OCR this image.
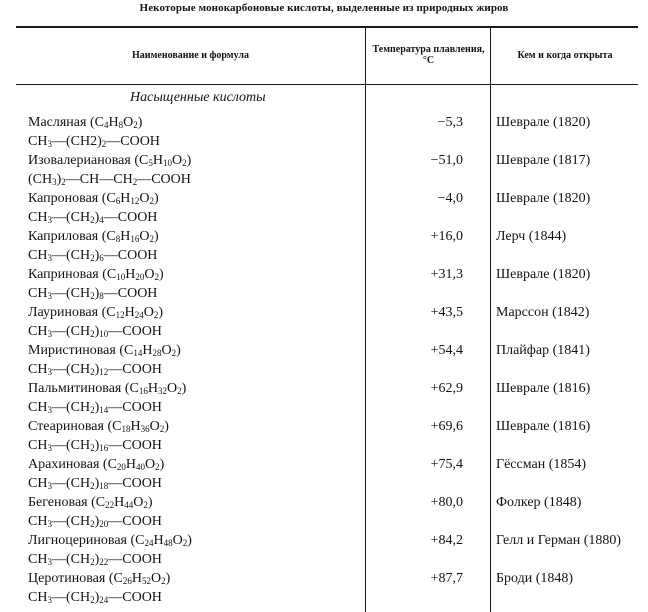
Некоторые монокарбоновые кислоты, выделенные из природных жиров
Наименование и формула	Температура плавления, °С	Кем и когда открыта
Насыщенные кислоты
Масляная $(C_4H_8O_2)$
$CH_3—(CH2)_2—COOH$
−5,3 Шеврале (1820)
Изовалериановая $(C_5H_{10}O_2)$
$(CH_3)_2—CH—CH_2—COOH$
−51,0 Шеврале (1817)
Капроновая $(C_6H_{12}O_2)$
$CH_3—(CH_2)_4—COOH$
−4,0 Шеврале (1820)
Каприловая $(C_8H_{16}O_2)$
$CH_3—(CH_2)_6—COOH$
+16,0 Лерч (1844)
Каприновая $(C_{10}H_{20}O_2)$
$CH_3—(CH_2)_8—COOH$
+31,3 Шеврале (1820)
Лауриновая $(C_{12}H_{24}O_2)$
$CH_3—(CH_2)_{10}—COOH$
+43,5 Марссон (1842)
Миристиновая $(C_{14}H_{28}O_2)$
$CH_3—(CH_2)_{12}—COOH$
+54,4 Плайфар (1841)
Пальмитиновая $(C_{16}H_{32}O_2)$
$CH_3—(CH_2)_{14}—COOH$
+62,9 Шеврале (1816)
Стеариновая $(C_{18}H_{36}O_2)$
$CH_3—(CH_2)_{16}—COOH$
+69,6 Шеврале (1816)
Арахиновая $(C_{20}H_{40}O_2)$
$CH_3—(CH_2)_{18}—COOH$
+75,4 Гёссман (1854)
Бегеновая $(C_{22}H_{44}O_2)$
$CH_3—(CH_2)_{20}—COOH$
+80,0 Фолкер (1848)
Лигноцериновая $(C_{24}H_{48}O_2)$
$CH_3—(CH_2)_{22}—COOH$
+84,2 Гелл и Герман (1880)
Церотиновая $(C_{26}H_{52}O_2)$
$CH_3—(CH_2)_{24}—COOH$
+87,7 Броди (1848)
